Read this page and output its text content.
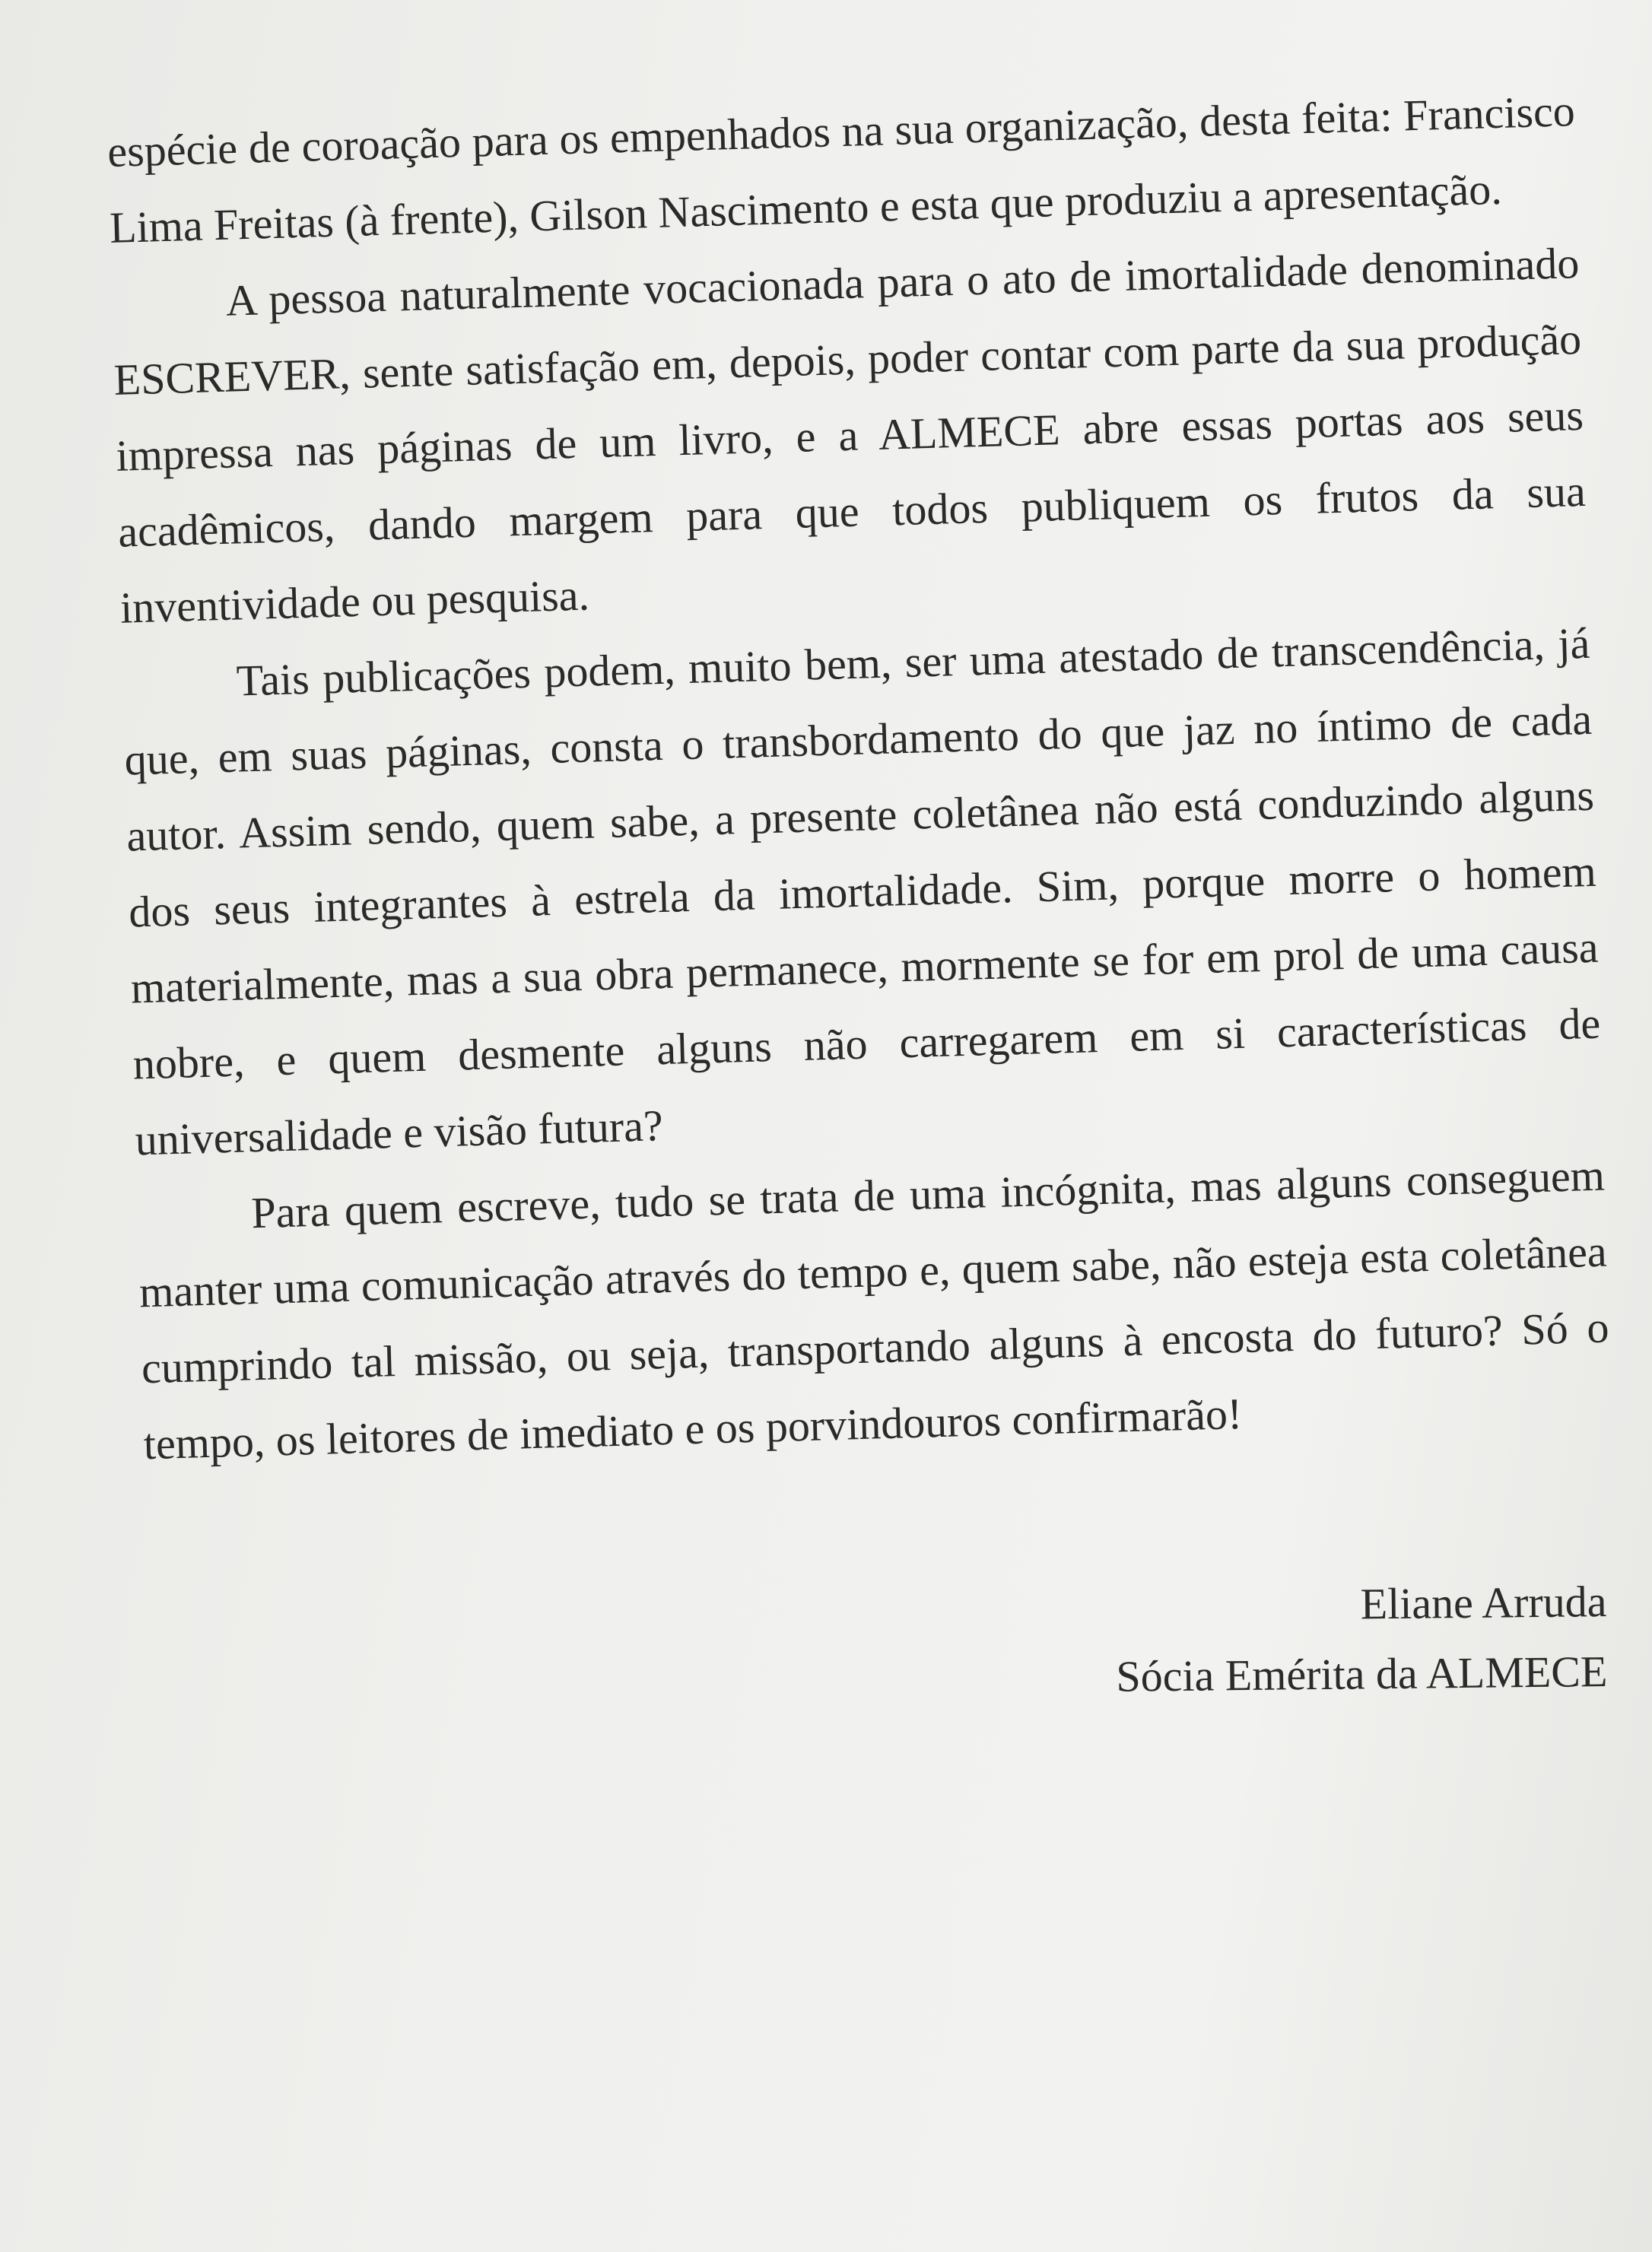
espécie de coroação para os empenhados na sua organização, desta feita: Francisco Lima Freitas (à frente), Gilson Nascimento e esta que produziu a apresentação.

A pessoa naturalmente vocacionada para o ato de imortalidade denominado ESCREVER, sente satisfação em, depois, poder contar com parte da sua produção impressa nas páginas de um livro, e a ALMECE abre essas portas aos seus acadêmicos, dando margem para que todos publiquem os frutos da sua inventividade ou pesquisa.

Tais publicações podem, muito bem, ser uma atestado de transcendência, já que, em suas páginas, consta o transbordamento do que jaz no íntimo de cada autor. Assim sendo, quem sabe, a presente coletânea não está conduzindo alguns dos seus integrantes à estrela da imortalidade. Sim, porque morre o homem materialmente, mas a sua obra permanece, mormente se for em prol de uma causa nobre, e quem desmente alguns não carregarem em si características de universalidade e visão futura?

Para quem escreve, tudo se trata de uma incógnita, mas alguns conseguem manter uma comunicação através do tempo e, quem sabe, não esteja esta coletânea cumprindo tal missão, ou seja, transportando alguns à encosta do futuro? Só o tempo, os leitores de imediato e os porvindouros confirmarão!

Eliane Arruda
Sócia Emérita da ALMECE
